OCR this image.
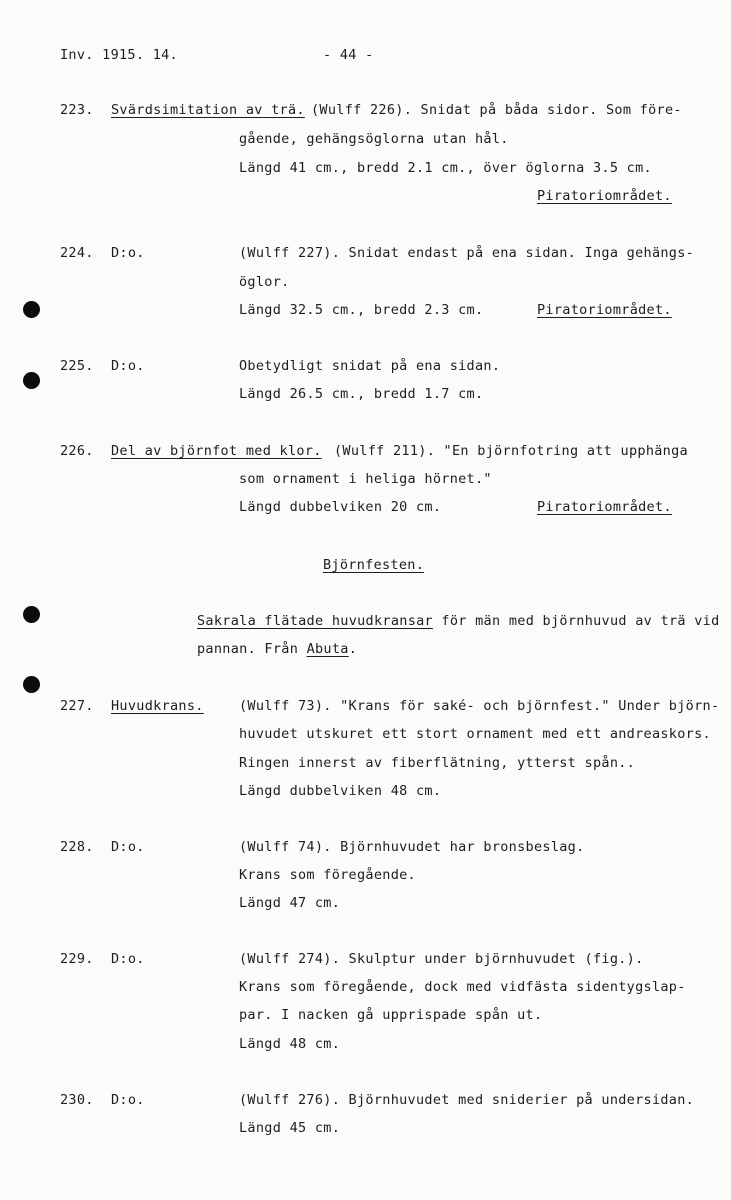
Inv. 1915. 14.	- 44 -
223. Svärdsimitation av trä. (Wulff 226). Snidat på båda sidor. Som före-
gående, gehängsöglorna utan hål.
Längd 41 cm., bredd 2.1 cm., över öglorna 3.5 cm.
Piratoriområdet.
224. D:o.	(Wulff 227). Snidat endast på ena sidan. Inga gehängs-
öglor.
Längd 32.5 cm., bredd 2.3 cm.	Piratoriområdet.
225. D:o.	Obetydligt snidat på ena sidan.
Längd 26.5 cm., bredd 1.7 cm.
226. Del av björnfot med klor. (Wulff 211). "En björnfotring att upphänga
som ornament i heliga hörnet."
Längd dubbelviken 20 cm.	Piratoriområdet.
Björnfesten.
Sakrala flätade huvudkransar för män med björnhuvud av trä vid
pannan. Från Abuta.
227. Huvudkrans.	(Wulff 73). "Krans för saké- och björnfest." Under björn-
huvudet utskuret ett stort ornament med ett andreaskors.
Ringen innerst av fiberflätning, ytterst spån..
Längd dubbelviken 48 cm.
228. D:o.	(Wulff 74). Björnhuvudet har bronsbeslag.
Krans som föregående.
Längd 47 cm.
229. D:o.	(Wulff 274). Skulptur under björnhuvudet (fig.).
Krans som föregående, dock med vidfästa sidentygslap-
par. I nacken gå upprispade spån ut.
Längd 48 cm.
230. D:o.	(Wulff 276). Björnhuvudet med sniderier på undersidan.
Längd 45 cm.
